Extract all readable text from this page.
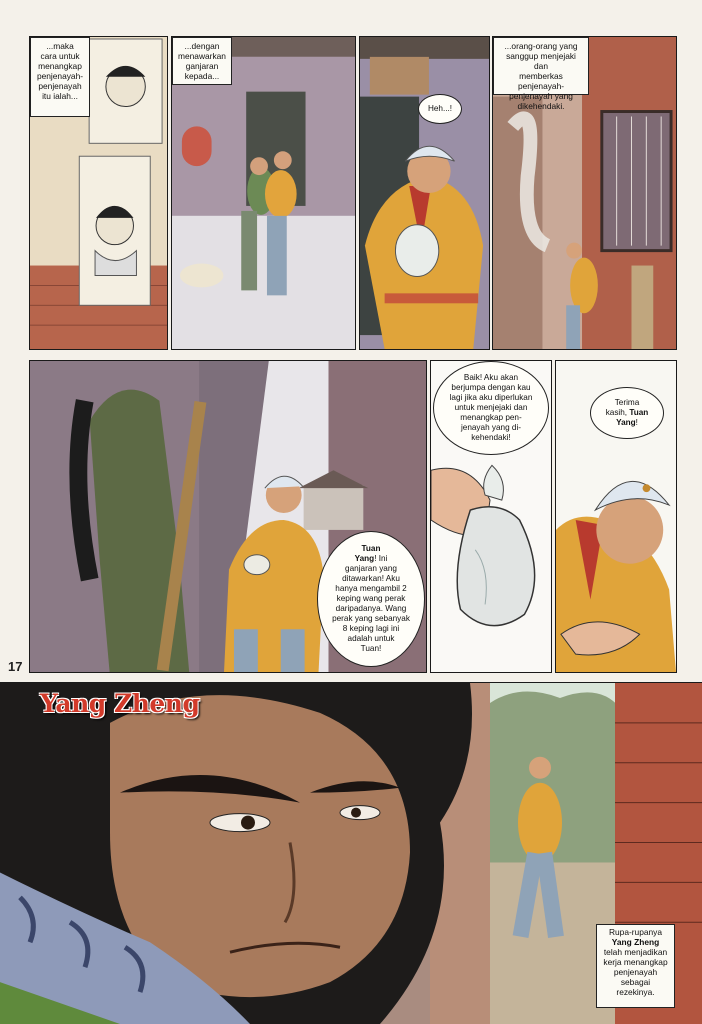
...maka
cara untuk
menangkap
penjenayah-
penjenayah
itu ialah...
...dengan
menawarkan
ganjaran
kepada...
Heh...!
...orang-orang yang
sanggup menjejaki dan
memberkas penjenayah-
penjenayah yang
dikehendaki.
Tuan
Yang! Ini
ganjaran yang
ditawarkan! Aku
hanya mengambil 2
keping wang perak
daripadanya. Wang
perak yang sebanyak
8 keping lagi ini
adalah untuk
Tuan!
Baik! Aku akan
berjumpa dengan kau
lagi jika aku diperlukan
untuk menjejaki dan
menangkap pen-
jenayah yang di-
kehendaki!
Terima
kasih, Tuan
Yang!
17
Rupa-rupanya
Yang Zheng
telah menjadikan
kerja menangkap
penjenayah sebagai
rezekinya.
Yang Zheng
